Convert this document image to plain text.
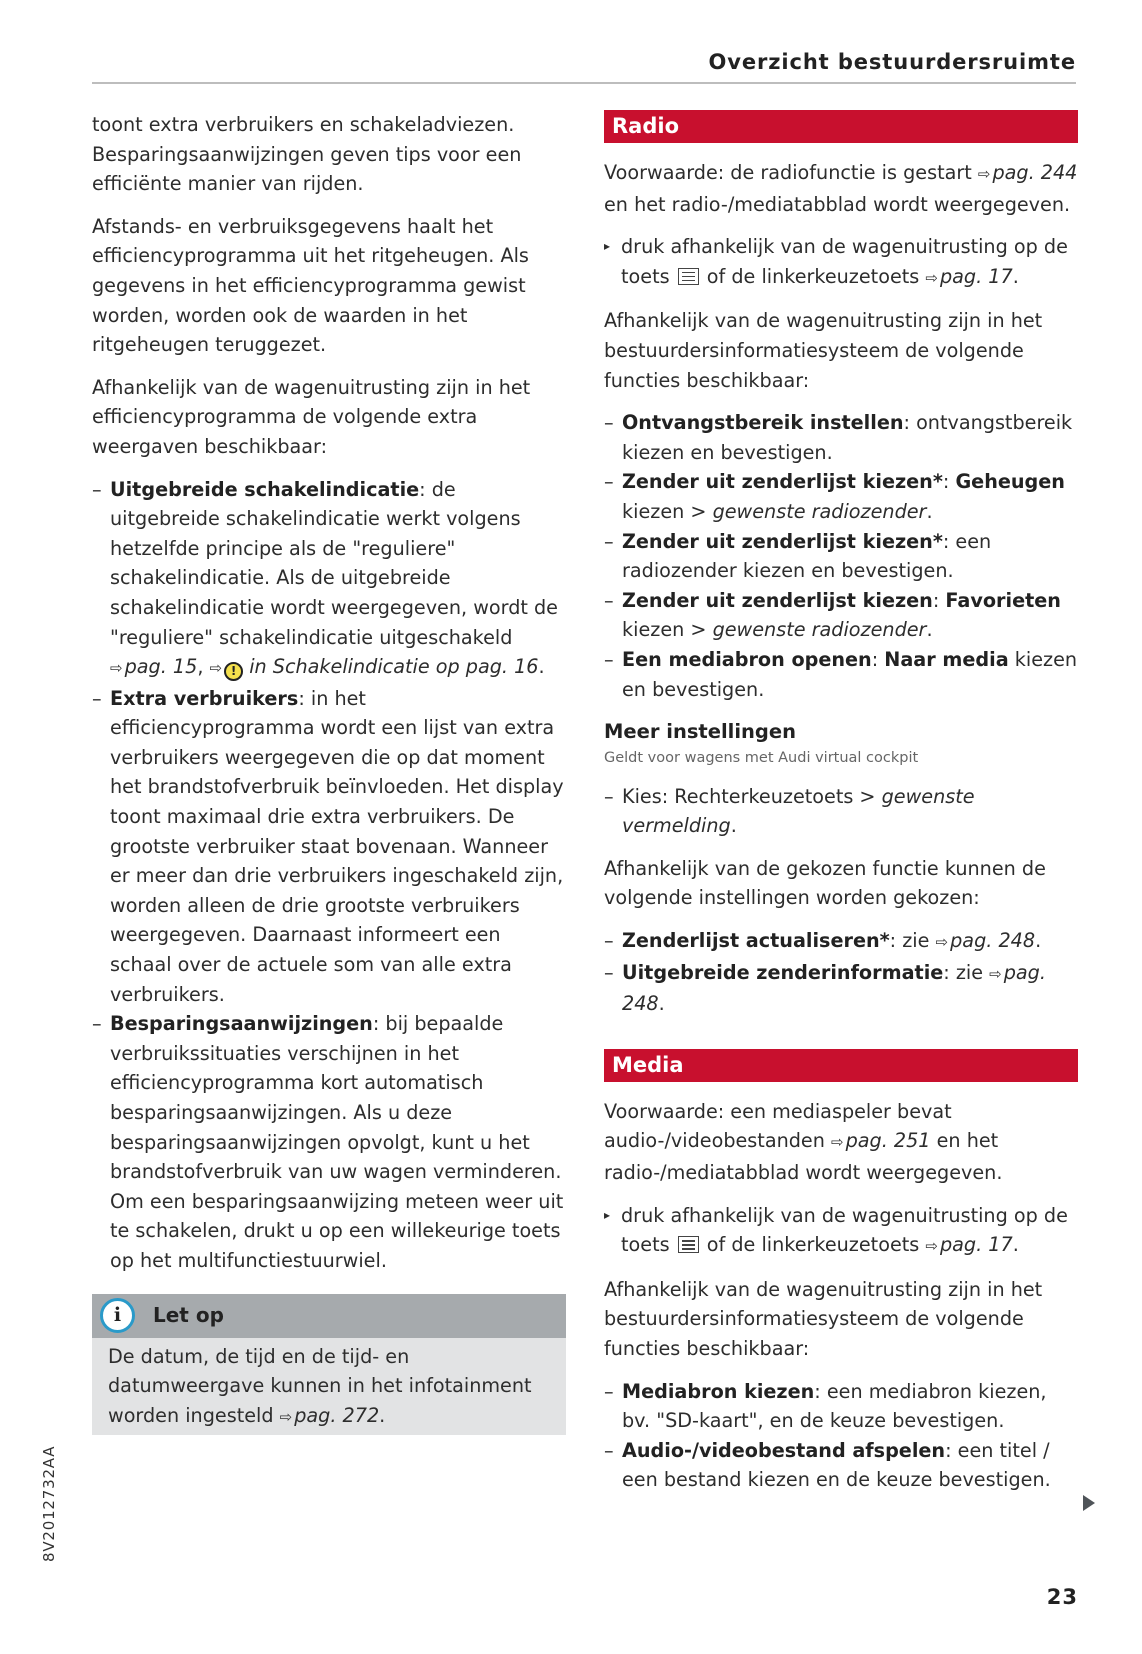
Overzicht bestuurdersruimte

toont extra verbruikers en schakeladviezen. Besparingsaanwijzingen geven tips voor een efficiënte manier van rijden.

Afstands- en verbruiksgegevens haalt het efficiencyprogramma uit het ritgeheugen. Als gegevens in het efficiencyprogramma gewist worden, worden ook de waarden in het ritgeheugen teruggezet.

Afhankelijk van de wagenuitrusting zijn in het efficiencyprogramma de volgende extra weergaven beschikbaar:

– Uitgebreide schakelindicatie: de uitgebreide schakelindicatie werkt volgens hetzelfde principe als de "reguliere" schakelindicatie. Als de uitgebreide schakelindicatie wordt weergegeven, wordt de "reguliere" schakelindicatie uitgeschakeld ⇨ pag. 15, ⇨ ! in Schakelindicatie op pag. 16.
– Extra verbruikers: in het efficiencyprogramma wordt een lijst van extra verbruikers weergegeven die op dat moment het brandstofverbruik beïnvloeden. Het display toont maximaal drie extra verbruikers. De grootste verbruiker staat bovenaan. Wanneer er meer dan drie verbruikers ingeschakeld zijn, worden alleen de drie grootste verbruikers weergegeven. Daarnaast informeert een schaal over de actuele som van alle extra verbruikers.
– Besparingsaanwijzingen: bij bepaalde verbruikssituaties verschijnen in het efficiencyprogramma kort automatisch besparingsaanwijzingen. Als u deze besparingsaanwijzingen opvolgt, kunt u het brandstofverbruik van uw wagen verminderen. Om een besparingsaanwijzing meteen weer uit te schakelen, drukt u op een willekeurige toets op het multifunctiestuurwiel.
i	Let op
De datum, de tijd en de tijd- en datumweergave kunnen in het infotainment worden ingesteld ⇨ pag. 272.
Radio

Voorwaarde: de radiofunctie is gestart ⇨ pag. 244 en het radio-/mediatabblad wordt weergegeven.

▸ druk afhankelijk van de wagenuitrusting op de toets  of de linkerkeuzetoets ⇨ pag. 17.

Afhankelijk van de wagenuitrusting zijn in het bestuurdersinformatiesysteem de volgende functies beschikbaar:

– Ontvangstbereik instellen: ontvangstbereik kiezen en bevestigen.
– Zender uit zenderlijst kiezen*: Geheugen kiezen > gewenste radiozender.
– Zender uit zenderlijst kiezen*: een radiozender kiezen en bevestigen.
– Zender uit zenderlijst kiezen: Favorieten kiezen > gewenste radiozender.
– Een mediabron openen: Naar media kiezen en bevestigen.
Meer instellingen
Geldt voor wagens met Audi virtual cockpit
– Kies: Rechterkeuzetoets > gewenste vermelding.

Afhankelijk van de gekozen functie kunnen de volgende instellingen worden gekozen:

– Zenderlijst actualiseren*: zie ⇨ pag. 248.
– Uitgebreide zenderinformatie: zie ⇨ pag. 248.
Media

Voorwaarde: een mediaspeler bevat audio-/videobestanden ⇨ pag. 251 en het radio-/mediatabblad wordt weergegeven.

▸ druk afhankelijk van de wagenuitrusting op de toets  of de linkerkeuzetoets ⇨ pag. 17.

Afhankelijk van de wagenuitrusting zijn in het bestuurdersinformatiesysteem de volgende functies beschikbaar:

– Mediabron kiezen: een mediabron kiezen, bv. "SD-kaart", en de keuze bevestigen.
– Audio-/videobestand afspelen: een titel / een bestand kiezen en de keuze bevestigen.
8V2012732AA
23
